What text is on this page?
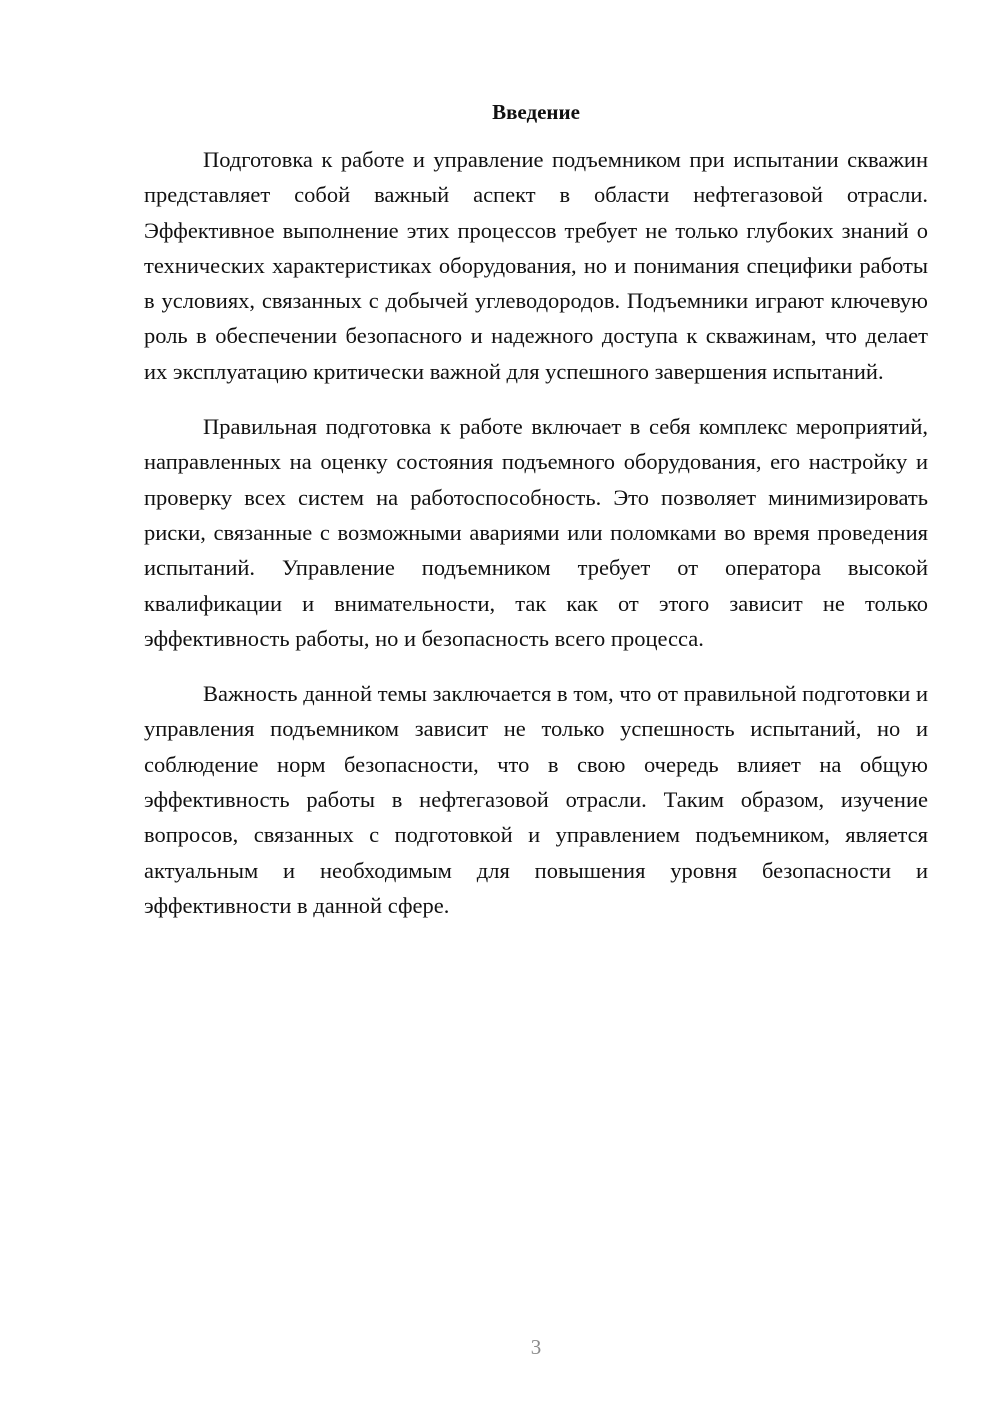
Введение

Подготовка к работе и управление подъемником при испытании скважин представляет собой важный аспект в области нефтегазовой отрасли. Эффективное выполнение этих процессов требует не только глубоких знаний о технических характеристиках оборудования, но и понимания специфики работы в условиях, связанных с добычей углеводородов. Подъемники играют ключевую роль в обеспечении безопасного и надежного доступа к скважинам, что делает их эксплуатацию критически важной для успешного завершения испытаний.

Правильная подготовка к работе включает в себя комплекс мероприятий, направленных на оценку состояния подъемного оборудования, его настройку и проверку всех систем на работоспособность. Это позволяет минимизировать риски, связанные с возможными авариями или поломками во время проведения испытаний. Управление подъемником требует от оператора высокой квалификации и внимательности, так как от этого зависит не только эффективность работы, но и безопасность всего процесса.

Важность данной темы заключается в том, что от правильной подготовки и управления подъемником зависит не только успешность испытаний, но и соблюдение норм безопасности, что в свою очередь влияет на общую эффективность работы в нефтегазовой отрасли. Таким образом, изучение вопросов, связанных с подготовкой и управлением подъемником, является актуальным и необходимым для повышения уровня безопасности и эффективности в данной сфере.

3
